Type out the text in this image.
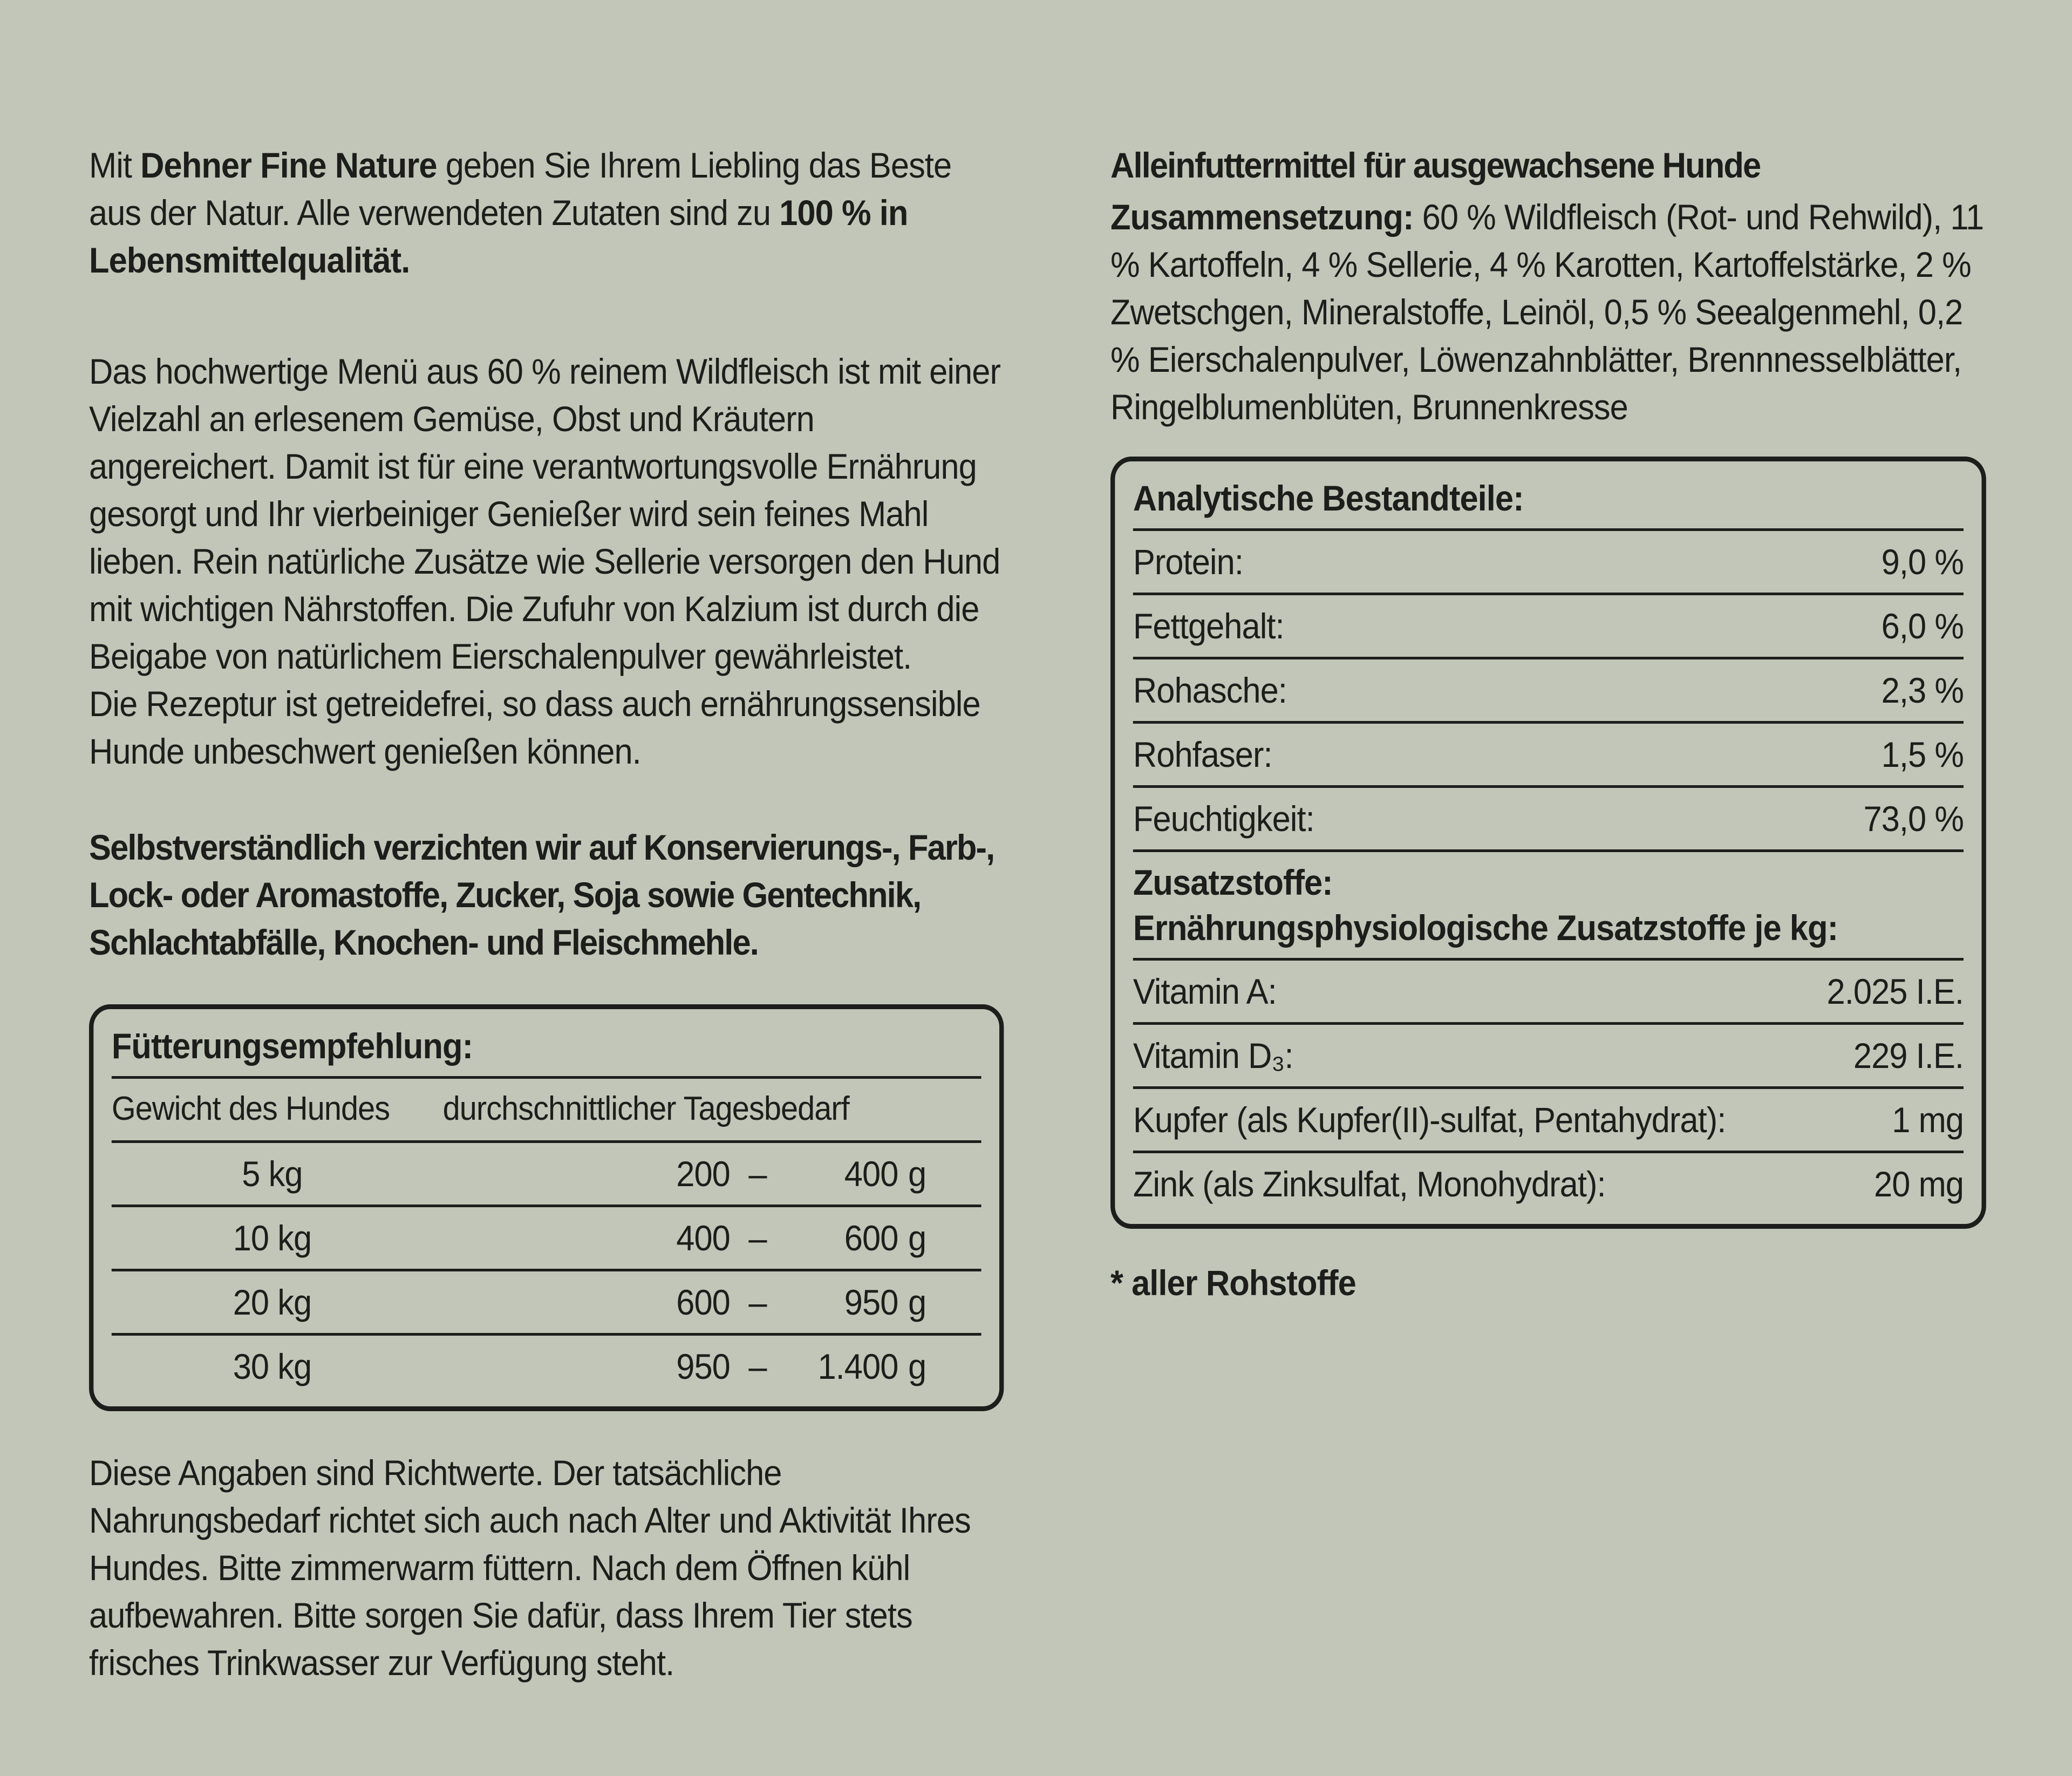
Mit Dehner Fine Nature geben Sie Ihrem Liebling das Beste aus der Natur. Alle verwendeten Zutaten sind zu 100 % in Lebensmittelqualität.

Das hochwertige Menü aus 60 % reinem Wildfleisch ist mit einer Vielzahl an erlesenem Gemüse, Obst und Kräutern angereichert. Damit ist für eine verantwortungsvolle Ernährung gesorgt und Ihr vierbeiniger Genießer wird sein feines Mahl lieben. Rein natürliche Zusätze wie Sellerie versorgen den Hund mit wichtigen Nährstoffen. Die Zufuhr von Kalzium ist durch die Beigabe von natürlichem Eierschalenpulver gewährleistet.
Die Rezeptur ist getreidefrei, so dass auch ernährungssensible Hunde unbeschwert genießen können.

Selbstverständlich verzichten wir auf Konservierungs-, Farb-, Lock- oder Aromastoffe, Zucker, Soja sowie Gentechnik, Schlachtabfälle, Knochen- und Fleischmehle.

Fütterungsempfehlung:
Gewicht des Hundes	durchschnittlicher Tagesbedarf
5 kg	200 –	400 g
10 kg	400 –	600 g
20 kg	600 –	950 g
30 kg	950 –	1.400 g

Diese Angaben sind Richtwerte. Der tatsächliche Nahrungsbedarf richtet sich auch nach Alter und Aktivität Ihres Hundes. Bitte zimmerwarm füttern. Nach dem Öffnen kühl aufbewahren. Bitte sorgen Sie dafür, dass Ihrem Tier stets frisches Trinkwasser zur Verfügung steht.

Alleinfuttermittel für ausgewachsene Hunde

Zusammensetzung: 60 % Wildfleisch (Rot- und Rehwild), 11 % Kartoffeln, 4 % Sellerie, 4 % Karotten, Kartoffelstärke, 2 % Zwetschgen, Mineralstoffe, Leinöl, 0,5 % Seealgenmehl, 0,2 % Eierschalenpulver, Löwenzahnblätter, Brennnesselblätter, Ringelblumenblüten, Brunnenkresse

Analytische Bestandteile:
Protein:	9,0 %
Fettgehalt:	6,0 %
Rohasche:	2,3 %
Rohfaser:	1,5 %
Feuchtigkeit:	73,0 %
Zusatzstoffe:
Ernährungsphysiologische Zusatzstoffe je kg:
Vitamin A:	2.025 I.E.
Vitamin D₃:	229 I.E.
Kupfer (als Kupfer(II)-sulfat, Pentahydrat):	1 mg
Zink (als Zinksulfat, Monohydrat):	20 mg

* aller Rohstoffe
